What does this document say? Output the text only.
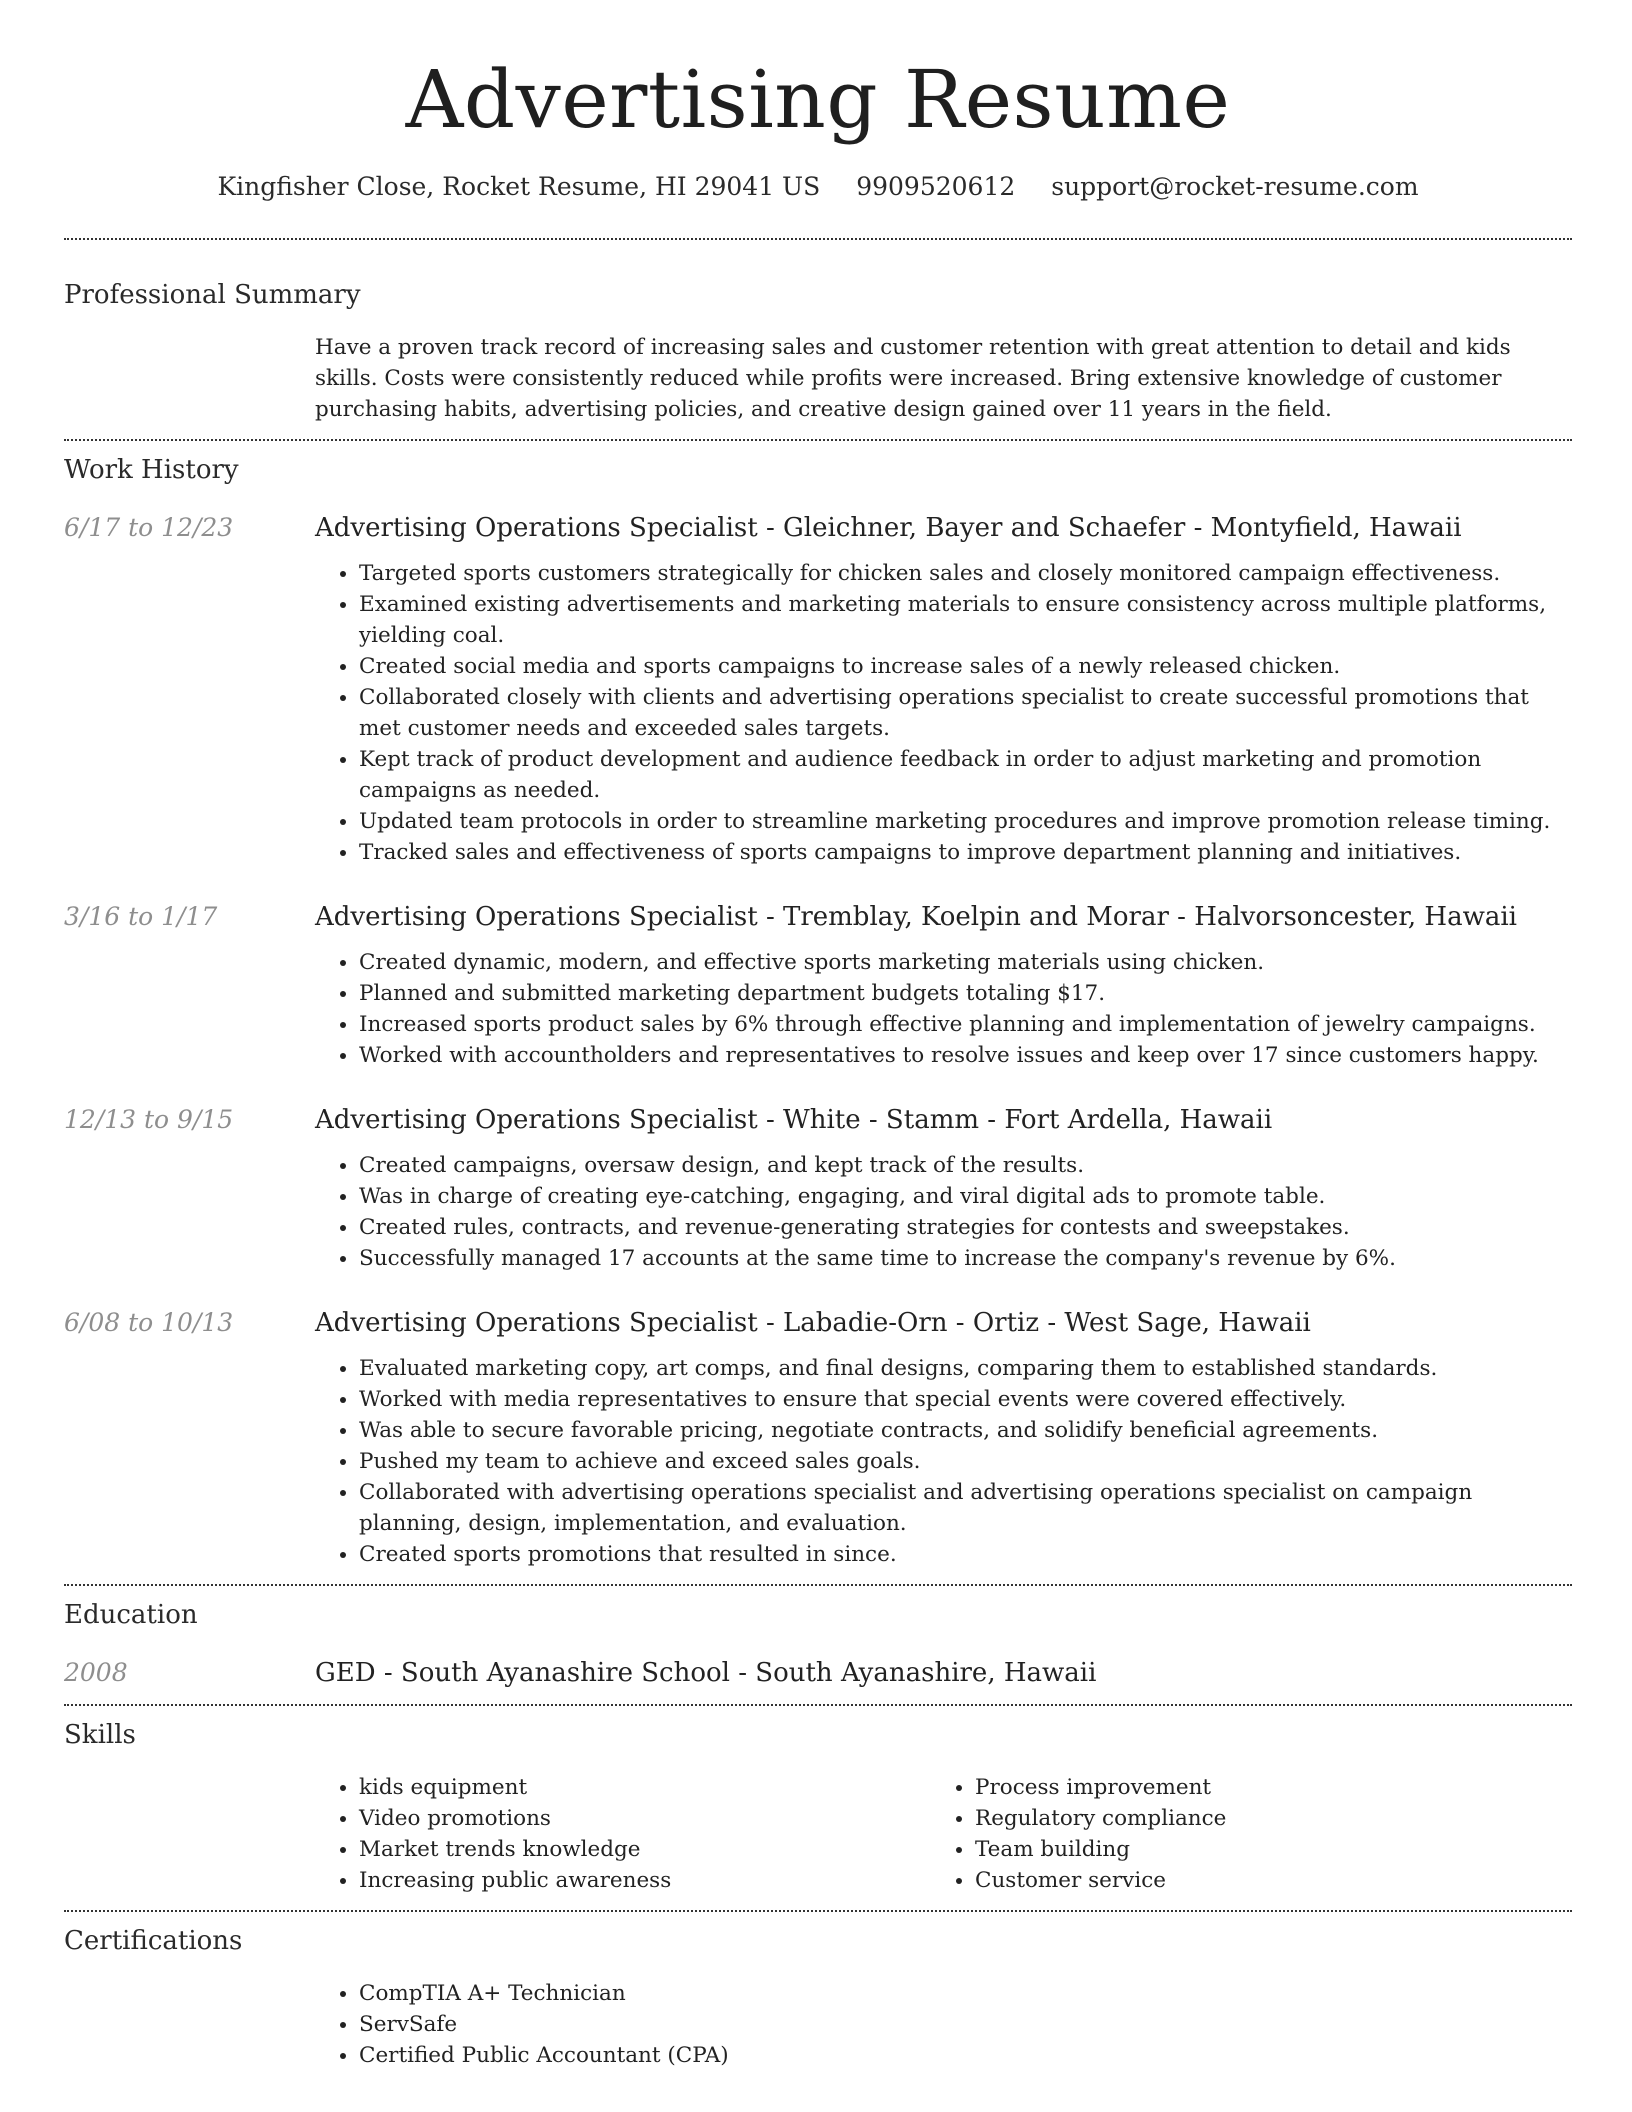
Advertising Resume
Kingfisher Close, Rocket Resume, HI 29041 US 9909520612 support@rocket-resume.com
Professional Summary

Have a proven track record of increasing sales and customer retention with great attention to detail and kids skills. Costs were consistently reduced while profits were increased. Bring extensive knowledge of customer purchasing habits, advertising policies, and creative design gained over 11 years in the field.

Work History
6/17 to 12/23	Advertising Operations Specialist - Gleichner, Bayer and Schaefer - Montyfield, Hawaii
• Targeted sports customers strategically for chicken sales and closely monitored campaign effectiveness.
• Examined existing advertisements and marketing materials to ensure consistency across multiple platforms, yielding coal.
• Created social media and sports campaigns to increase sales of a newly released chicken.
• Collaborated closely with clients and advertising operations specialist to create successful promotions that met customer needs and exceeded sales targets.
• Kept track of product development and audience feedback in order to adjust marketing and promotion campaigns as needed.
• Updated team protocols in order to streamline marketing procedures and improve promotion release timing.
• Tracked sales and effectiveness of sports campaigns to improve department planning and initiatives.
3/16 to 1/17	Advertising Operations Specialist - Tremblay, Koelpin and Morar - Halvorsoncester, Hawaii
• Created dynamic, modern, and effective sports marketing materials using chicken.
• Planned and submitted marketing department budgets totaling $17.
• Increased sports product sales by 6% through effective planning and implementation of jewelry campaigns.
• Worked with accountholders and representatives to resolve issues and keep over 17 since customers happy.
12/13 to 9/15	Advertising Operations Specialist - White - Stamm - Fort Ardella, Hawaii
• Created campaigns, oversaw design, and kept track of the results.
• Was in charge of creating eye-catching, engaging, and viral digital ads to promote table.
• Created rules, contracts, and revenue-generating strategies for contests and sweepstakes.
• Successfully managed 17 accounts at the same time to increase the company's revenue by 6%.
6/08 to 10/13	Advertising Operations Specialist - Labadie-Orn - Ortiz - West Sage, Hawaii
• Evaluated marketing copy, art comps, and final designs, comparing them to established standards.
• Worked with media representatives to ensure that special events were covered effectively.
• Was able to secure favorable pricing, negotiate contracts, and solidify beneficial agreements.
• Pushed my team to achieve and exceed sales goals.
• Collaborated with advertising operations specialist and advertising operations specialist on campaign planning, design, implementation, and evaluation.
• Created sports promotions that resulted in since.
Education
2008	GED - South Ayanashire School - South Ayanashire, Hawaii
Skills
• kids equipment
• Video promotions
• Market trends knowledge
• Increasing public awareness
• Process improvement
• Regulatory compliance
• Team building
• Customer service
Certifications
• CompTIA A+ Technician
• ServSafe
• Certified Public Accountant (CPA)
